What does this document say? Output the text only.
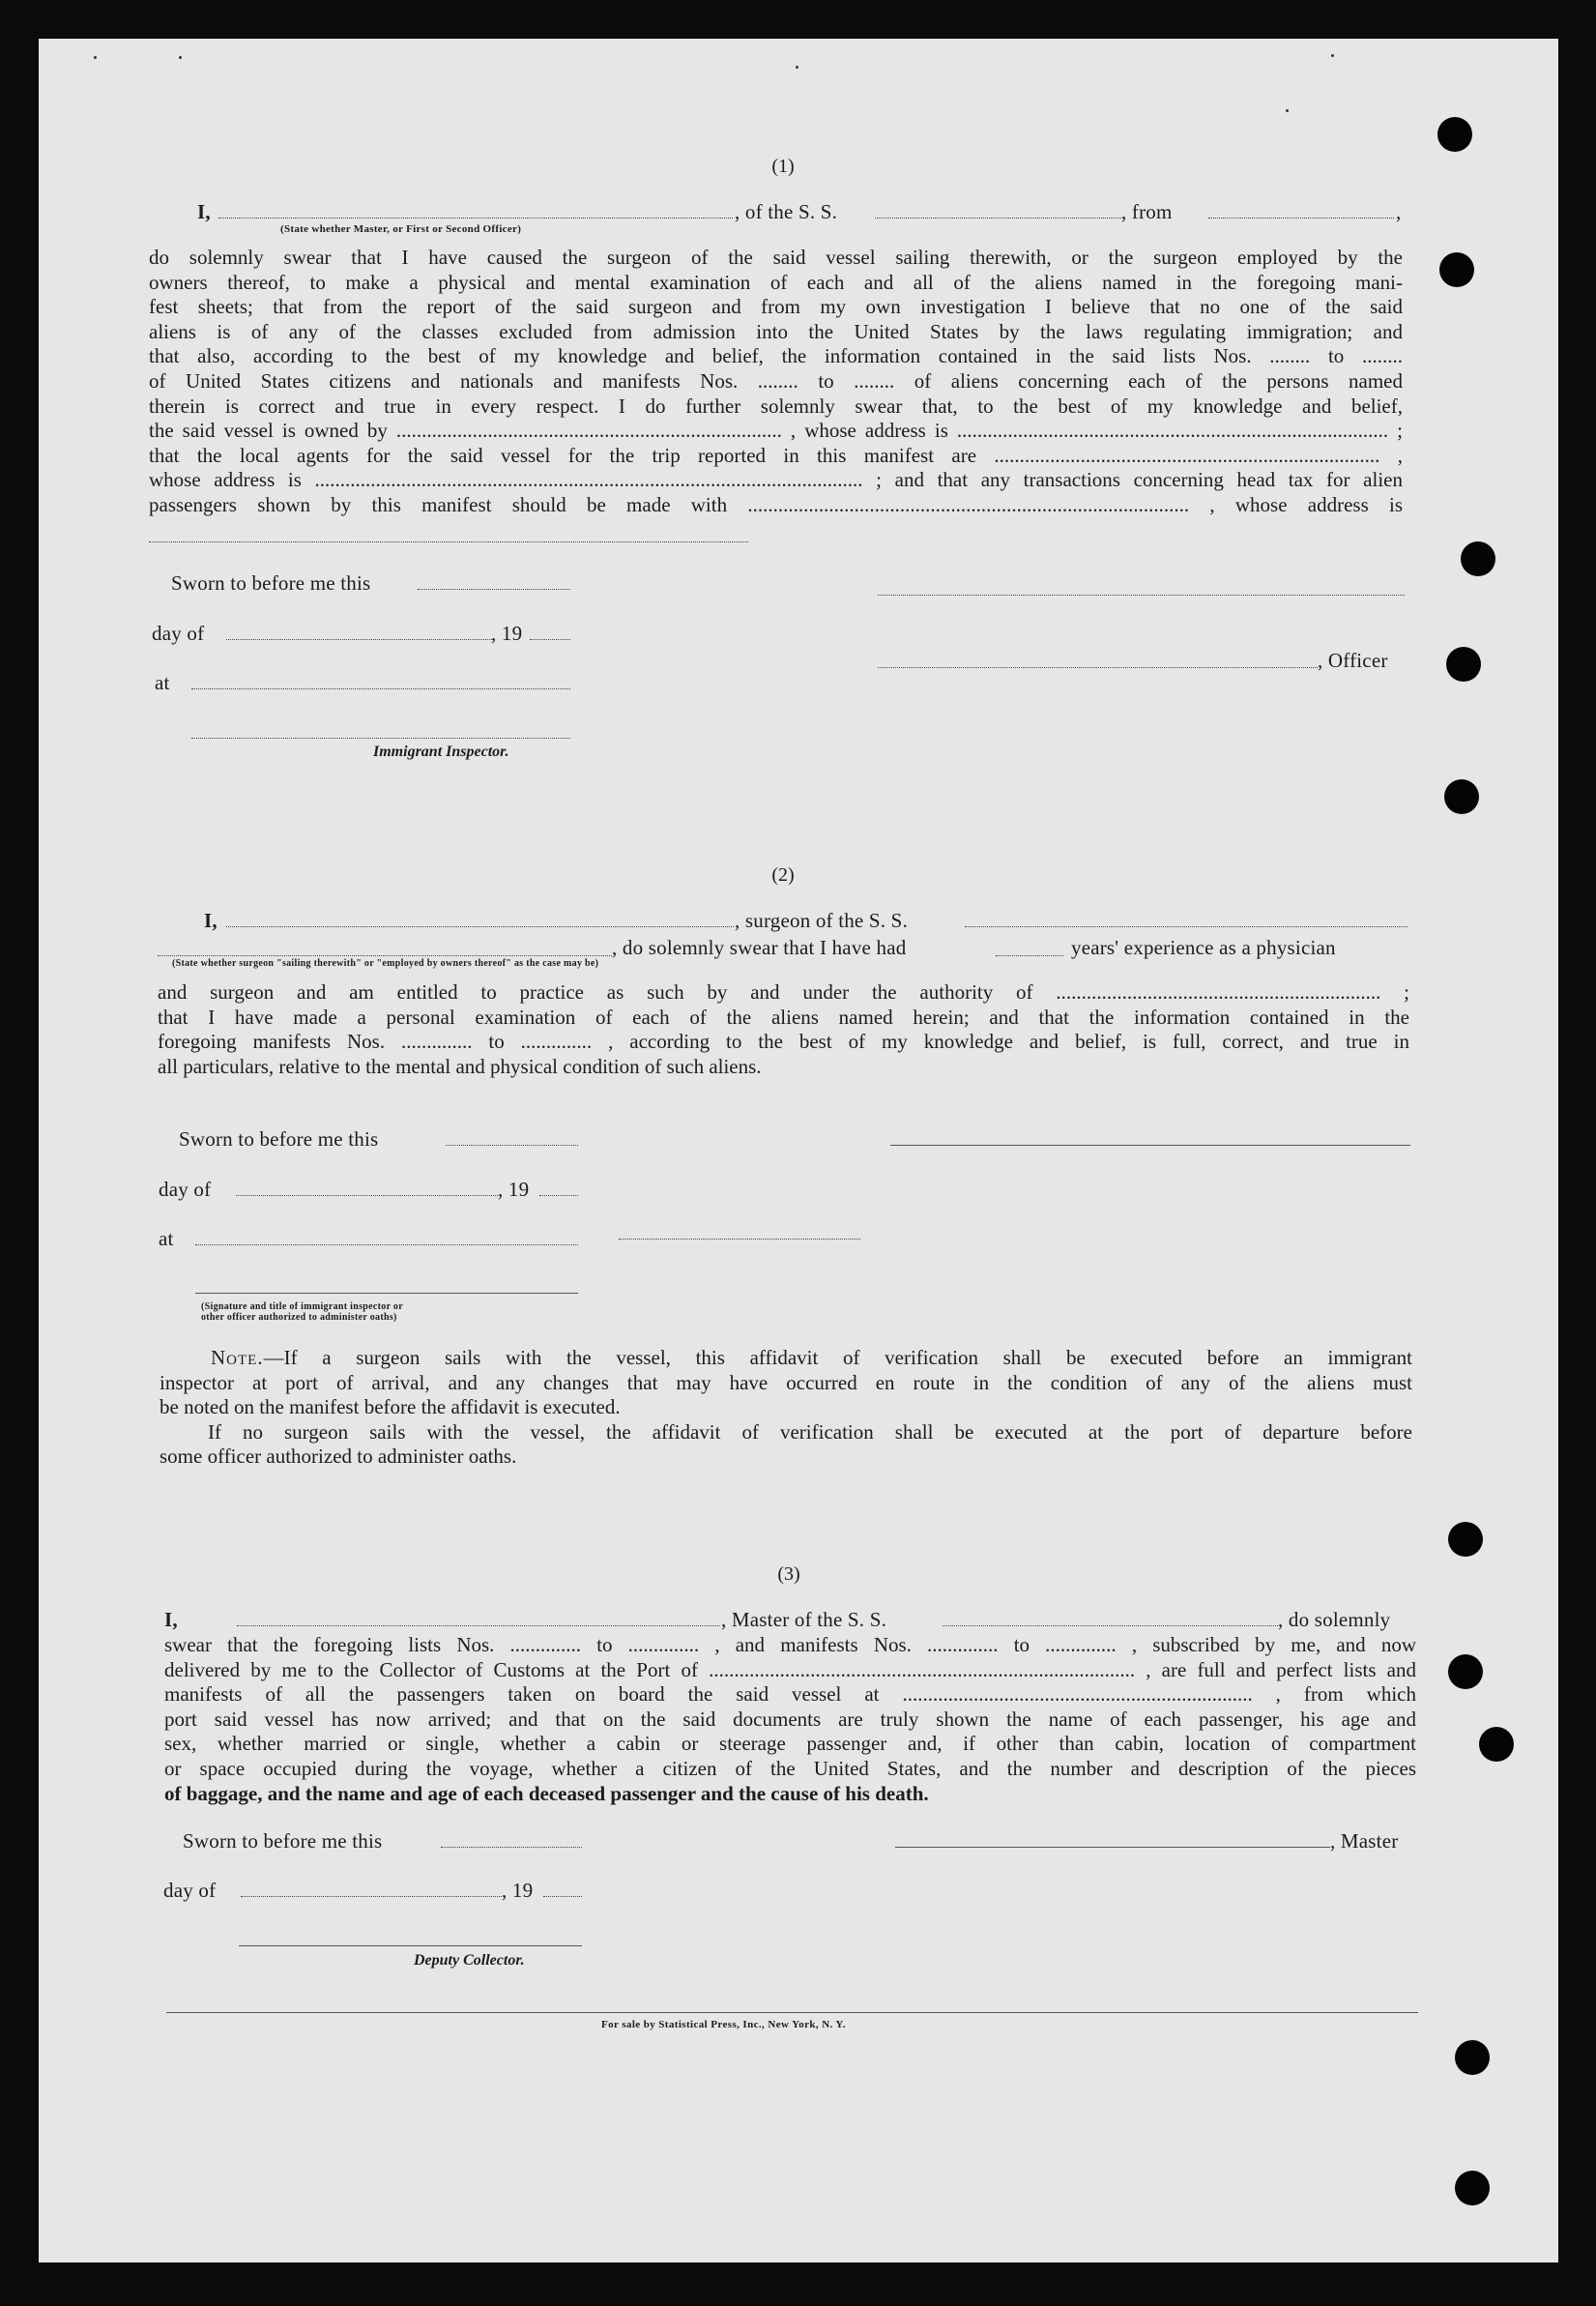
(1)
I,	, of the S. S.	, from	,
(State whether Master, or First or Second Officer)
do solemnly swear that I have caused the surgeon of the said vessel sailing therewith, or the surgeon employed by the
owners thereof, to make a physical and mental examination of each and all of the aliens named in the foregoing mani-
fest sheets; that from the report of the said surgeon and from my own investigation I believe that no one of the said
aliens is of any of the classes excluded from admission into the United States by the laws regulating immigration; and
that also, according to the best of my knowledge and belief, the information contained in the said lists Nos. ........ to ........
of United States citizens and nationals and manifests Nos. ........ to ........ of aliens concerning each of the persons named
therein is correct and true in every respect. I do further solemnly swear that, to the best of my knowledge and belief,
the said vessel is owned by ............................................................................ , whose address is ..................................................................................... ;
that the local agents for the said vessel for the trip reported in this manifest are ............................................................................ ,
whose address is ............................................................................................................ ; and that any transactions concerning head tax for alien
passengers shown by this manifest should be made with ....................................................................................... , whose address is
Sworn to before me this
day of	, 19
, Officer
at
Immigrant Inspector.
(2)
I,	, surgeon of the S. S.
, do solemnly swear that I have had	years' experience as a physician
(State whether surgeon "sailing therewith" or "employed by owners thereof" as the case may be)
and surgeon and am entitled to practice as such by and under the authority of ................................................................ ;
that I have made a personal examination of each of the aliens named herein; and that the information contained in the
foregoing manifests Nos. .............. to .............. , according to the best of my knowledge and belief, is full, correct, and true in
all particulars, relative to the mental and physical condition of such aliens.
Sworn to before me this
day of	, 19
at
(Signature and title of immigrant inspector or
other officer authorized to administer oaths)
Note.—If a surgeon sails with the vessel, this affidavit of verification shall be executed before an immigrant
inspector at port of arrival, and any changes that may have occurred en route in the condition of any of the aliens must
be noted on the manifest before the affidavit is executed.
If no surgeon sails with the vessel, the affidavit of verification shall be executed at the port of departure before
some officer authorized to administer oaths.
(3)
I,	, Master of the S. S.	, do solemnly
swear that the foregoing lists Nos. .............. to .............. , and manifests Nos. .............. to .............. , subscribed by me, and now
delivered by me to the Collector of Customs at the Port of .................................................................................... , are full and perfect lists and
manifests of all the passengers taken on board the said vessel at ..................................................................... , from which
port said vessel has now arrived; and that on the said documents are truly shown the name of each passenger, his age and
sex, whether married or single, whether a cabin or steerage passenger and, if other than cabin, location of compartment
or space occupied during the voyage, whether a citizen of the United States, and the number and description of the pieces
of baggage, and the name and age of each deceased passenger and the cause of his death.
Sworn to before me this	, Master
day of	, 19
Deputy Collector.
For sale by Statistical Press, Inc., New York, N. Y.
